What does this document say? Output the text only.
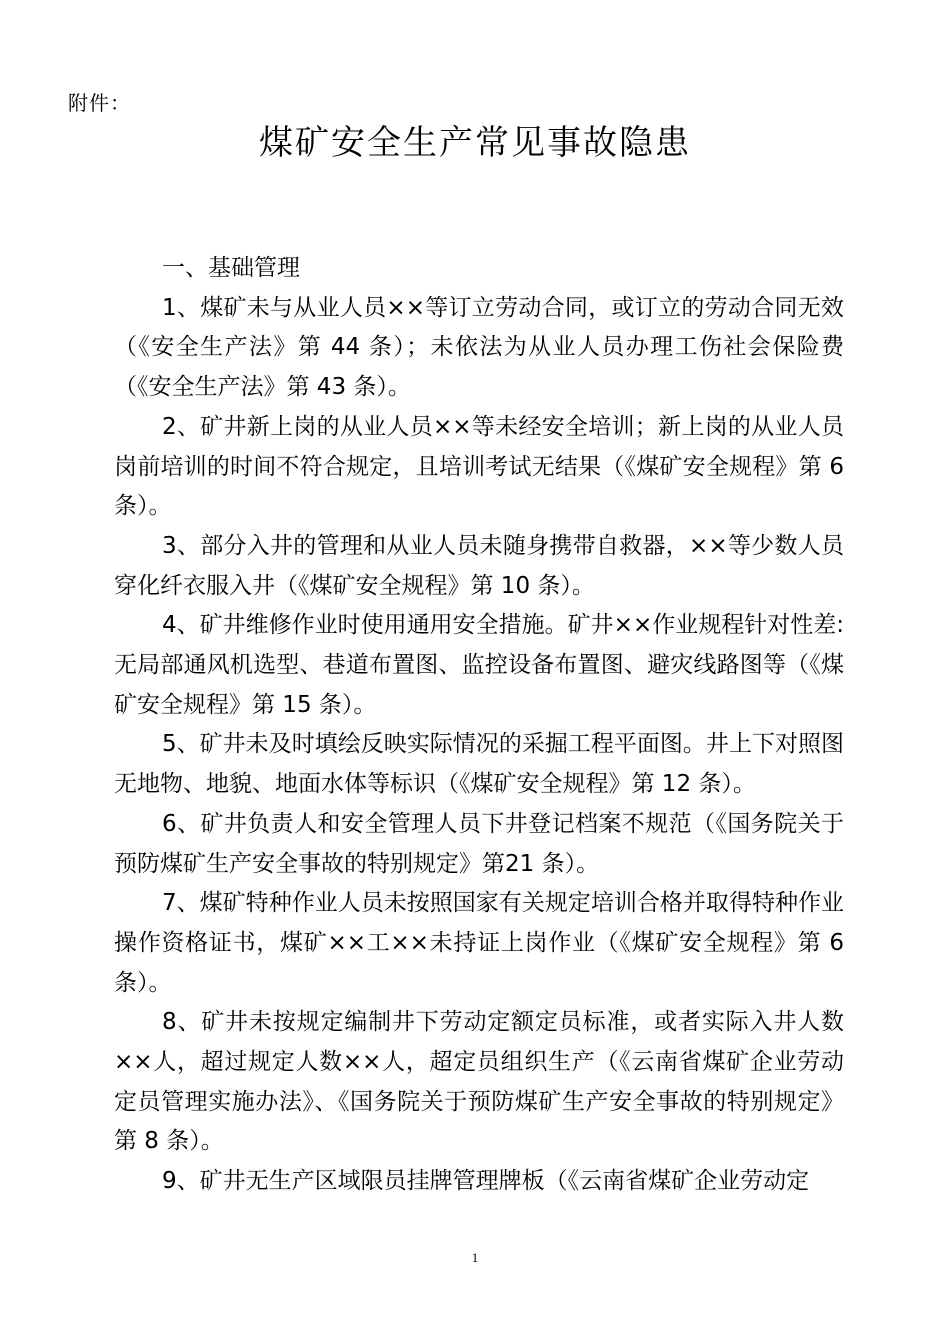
附件：
煤矿安全生产常见事故隐患

一、基础管理

1、煤矿未与从业人员××等订立劳动合同，或订立的劳动合同无效（《安全生产法》第 44 条）；未依法为从业人员办理工伤社会保险费（《安全生产法》第 43 条）。

2、矿井新上岗的从业人员××等未经安全培训；新上岗的从业人员岗前培训的时间不符合规定，且培训考试无结果（《煤矿安全规程》第 6 条）。

3、部分入井的管理和从业人员未随身携带自救器，××等少数人员穿化纤衣服入井（《煤矿安全规程》第 10 条）。

4、矿井维修作业时使用通用安全措施。矿井××作业规程针对性差:无局部通风机选型、巷道布置图、监控设备布置图、避灾线路图等（《煤矿安全规程》第 15 条）。

5、矿井未及时填绘反映实际情况的采掘工程平面图。井上下对照图无地物、地貌、地面水体等标识（《煤矿安全规程》第 12 条）。

6、矿井负责人和安全管理人员下井登记档案不规范（《国务院关于预防煤矿生产安全事故的特别规定》第21 条）。

7、煤矿特种作业人员未按照国家有关规定培训合格并取得特种作业操作资格证书，煤矿××工××未持证上岗作业（《煤矿安全规程》第 6 条）。

8、矿井未按规定编制井下劳动定额定员标准，或者实际入井人数××人，超过规定人数××人，超定员组织生产（《云南省煤矿企业劳动定员管理实施办法》、《国务院关于预防煤矿生产安全事故的特别规定》第 8 条）。

9、矿井无生产区域限员挂牌管理牌板（《云南省煤矿企业劳动定

1
